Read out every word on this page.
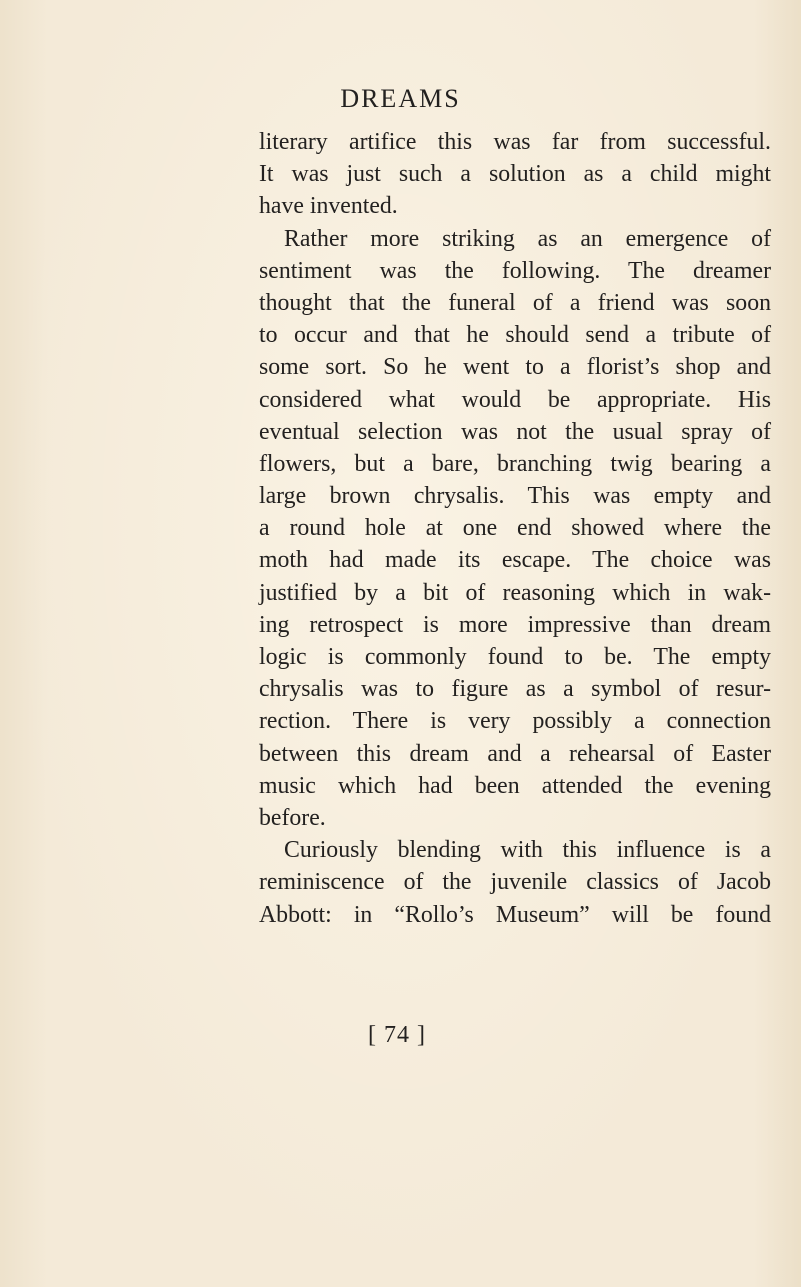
DREAMS
literary artifice this was far from successful.
It was just such a solution as a child might
have invented.
Rather more striking as an emergence of
sentiment was the following. The dreamer
thought that the funeral of a friend was soon
to occur and that he should send a tribute of
some sort. So he went to a florist’s shop and
considered what would be appropriate. His
eventual selection was not the usual spray of
flowers, but a bare, branching twig bearing a
large brown chrysalis. This was empty and
a round hole at one end showed where the
moth had made its escape. The choice was
justified by a bit of reasoning which in wak-
ing retrospect is more impressive than dream
logic is commonly found to be. The empty
chrysalis was to figure as a symbol of resur-
rection. There is very possibly a connection
between this dream and a rehearsal of Easter
music which had been attended the evening
before.
Curiously blending with this influence is a
reminiscence of the juvenile classics of Jacob
Abbott: in “Rollo’s Museum” will be found
[ 74 ]
